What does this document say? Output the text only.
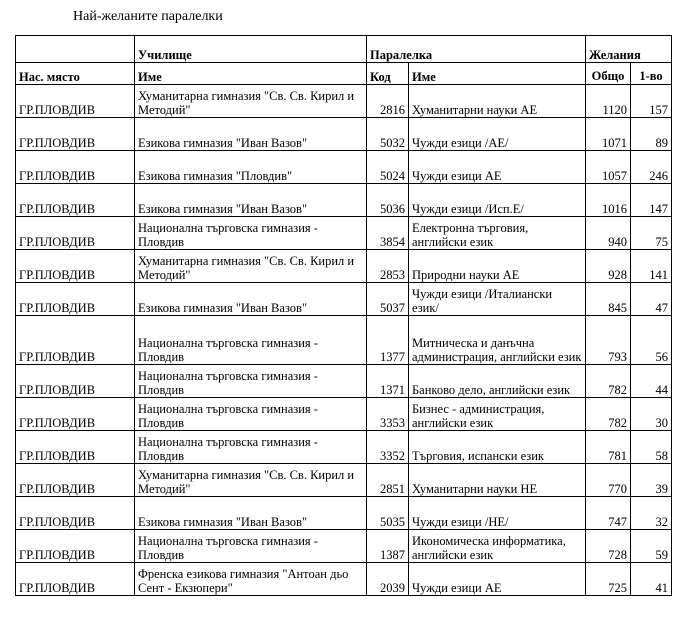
Най-желаните паралелки
	Училище	Паралелка		Желания	
Нас. място	Име	Код	Име	Общо	1-во
ГР.ПЛОВДИВ	Хуманитарна гимназия "Св. Св. Кирил и Методий"	2816	Хуманитарни науки АЕ	1120	157
ГР.ПЛОВДИВ	Езикова гимназия "Иван Вазов"	5032	Чужди езици /АЕ/	1071	89
ГР.ПЛОВДИВ	Езикова гимназия "Пловдив"	5024	Чужди езици АЕ	1057	246
ГР.ПЛОВДИВ	Езикова гимназия "Иван Вазов"	5036	Чужди езици /Исп.Е/	1016	147
ГР.ПЛОВДИВ	Национална търговска гимназия - Пловдив	3854	Електронна търговия, английски език	940	75
ГР.ПЛОВДИВ	Хуманитарна гимназия "Св. Св. Кирил и Методий"	2853	Природни науки АЕ	928	141
ГР.ПЛОВДИВ	Езикова гимназия "Иван Вазов"	5037	Чужди езици /Италиански език/	845	47
ГР.ПЛОВДИВ	Национална търговска гимназия - Пловдив	1377	Митническа и данъчна администрация, английски език	793	56
ГР.ПЛОВДИВ	Национална търговска гимназия - Пловдив	1371	Банково дело, английски език	782	44
ГР.ПЛОВДИВ	Национална търговска гимназия - Пловдив	3353	Бизнес - администрация, английски език	782	30
ГР.ПЛОВДИВ	Национална търговска гимназия - Пловдив	3352	Търговия, испански език	781	58
ГР.ПЛОВДИВ	Хуманитарна гимназия "Св. Св. Кирил и Методий"	2851	Хуманитарни науки НЕ	770	39
ГР.ПЛОВДИВ	Езикова гимназия "Иван Вазов"	5035	Чужди езици /НЕ/	747	32
ГР.ПЛОВДИВ	Национална търговска гимназия - Пловдив	1387	Икономическа информатика, английски език	728	59
ГР.ПЛОВДИВ	Френска езикова гимназия "Антоан дьо Сент - Екзюпери"	2039	Чужди езици АЕ	725	41
